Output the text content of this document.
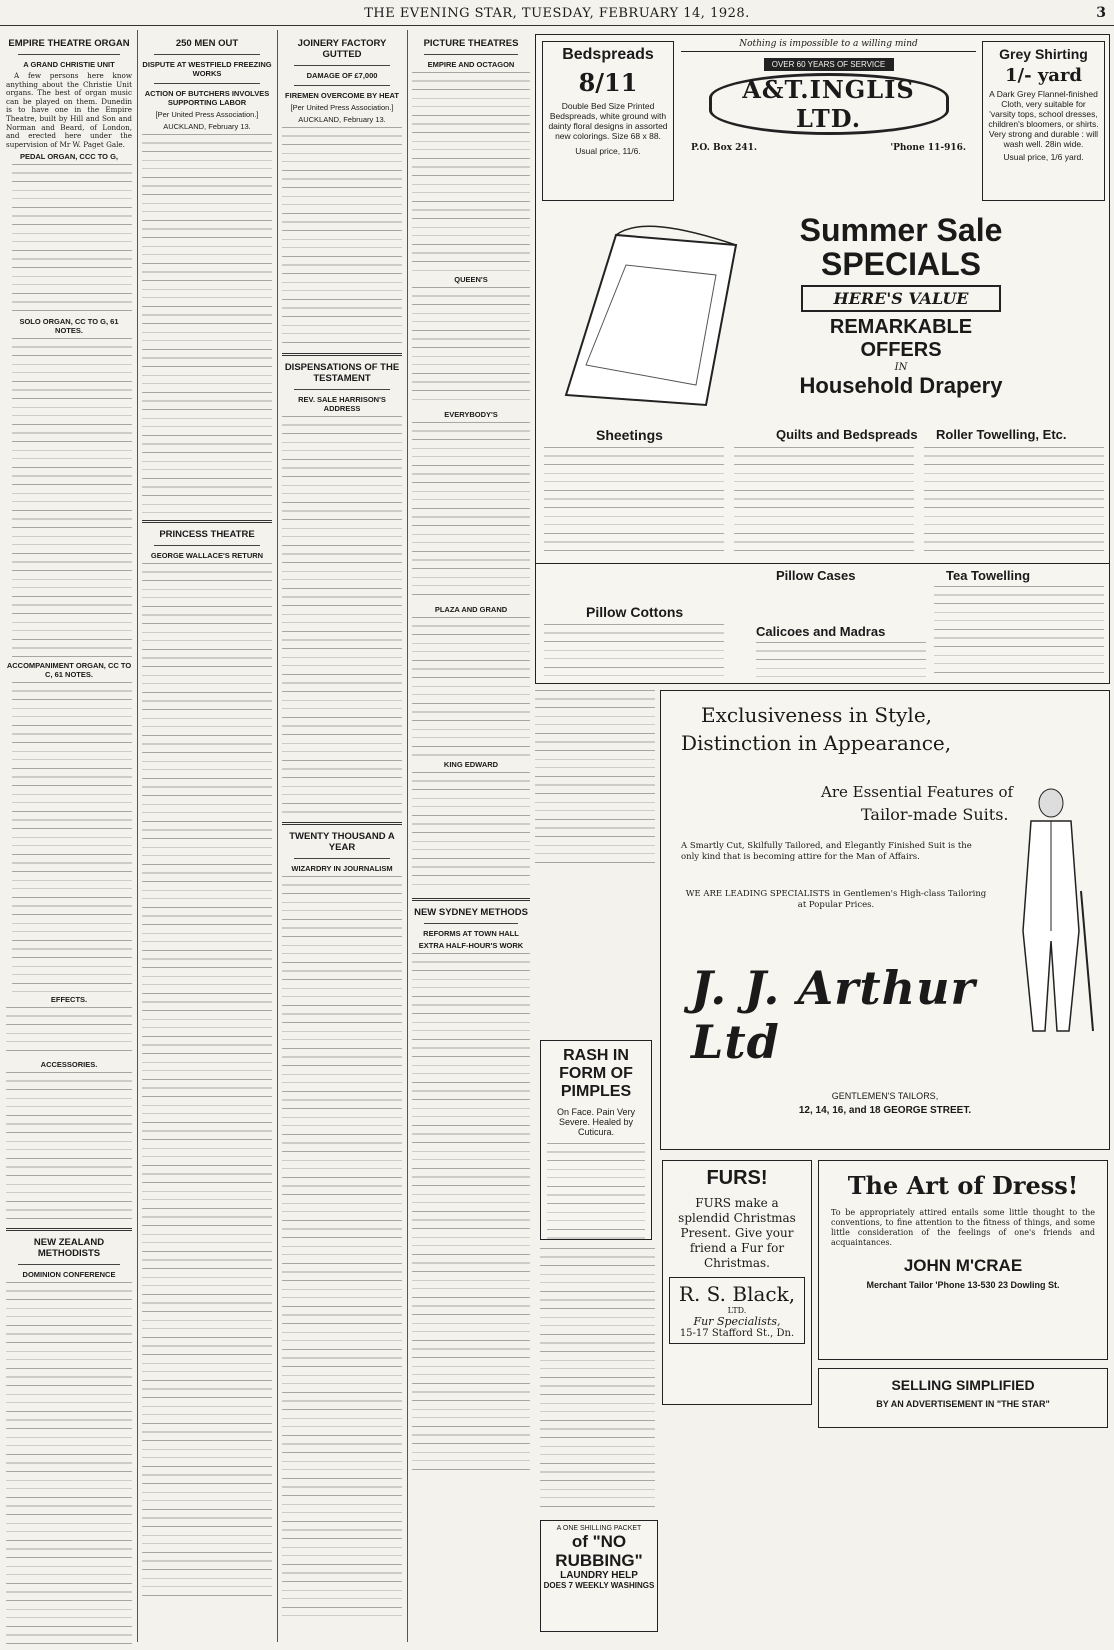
THE EVENING STAR, TUESDAY, FEBRUARY 14, 1928.	3
EMPIRE THEATRE ORGAN
A GRAND CHRISTIE UNIT

A few persons here know anything about the Christie Unit organs. The best of organ music can be played on them. Dunedin is to have one in the Empire Theatre, built by Hill and Son and Norman and Beard, of London, and erected here under the supervision of Mr W. Paget Gale.

PEDAL ORGAN, CCC TO G,
SOLO ORGAN, CC TO G, 61 NOTES.
ACCOMPANIMENT ORGAN, CC TO C, 61 NOTES.
EFFECTS.
ACCESSORIES.
NEW ZEALAND METHODISTS
DOMINION CONFERENCE
250 MEN OUT
DISPUTE AT WESTFIELD FREEZING WORKS
ACTION OF BUTCHERS INVOLVES SUPPORTING LABOR
[Per United Press Association.]
AUCKLAND, February 13.
PRINCESS THEATRE
GEORGE WALLACE'S RETURN
JOINERY FACTORY GUTTED
DAMAGE OF £7,000
FIREMEN OVERCOME BY HEAT
[Per United Press Association.]
AUCKLAND, February 13.
DISPENSATIONS OF THE TESTAMENT
REV. SALE HARRISON'S ADDRESS
TWENTY THOUSAND A YEAR
WIZARDRY IN JOURNALISM
PICTURE THEATRES
EMPIRE AND OCTAGON
QUEEN'S
EVERYBODY'S
PLAZA AND GRAND
KING EDWARD
NEW SYDNEY METHODS
REFORMS AT TOWN HALL
EXTRA HALF-HOUR'S WORK
Bedspreads
8/11
Double Bed Size Printed Bedspreads, white ground with dainty floral designs in assorted new colorings. Size 68 x 88.
Usual price, 11/6.
Nothing is impossible to a willing mind
OVER 60 YEARS OF SERVICE
A&T.INGLIS LTD.
P.O. Box 241.	'Phone 11-916.
Grey Shirting
1/- yard
A Dark Grey Flannel-finished Cloth, very suitable for 'varsity tops, school dresses, children's bloomers, or shirts. Very strong and durable : will wash well. 28in wide.
Usual price, 1/6 yard.
Summer Sale
SPECIALS
HERE'S VALUE
REMARKABLE
OFFERS
IN
Household Drapery
Sheetings	Quilts and Bedspreads Roller Towelling, Etc.
Pillow Cases	Tea Towelling
Pillow Cottons
Calicoes and Madras
Exclusiveness in Style,
Distinction in Appearance,
Are Essential Features of
Tailor-made Suits.
A Smartly Cut, Skilfully Tailored, and Elegantly Finished Suit is the only kind that is becoming attire for the Man of Affairs.
WE ARE LEADING SPECIALISTS in Gentlemen's High-class Tailoring at Popular Prices.
J. J. Arthur Ltd
GENTLEMEN'S TAILORS,
12, 14, 16, and 18 GEORGE STREET.
RASH IN FORM OF PIMPLES
On Face. Pain Very Severe. Healed by Cuticura.
A ONE SHILLING PACKET
of "NO RUBBING"
LAUNDRY HELP
DOES 7 WEEKLY WASHINGS
FURS!
FURS make a splendid Christmas Present. Give your friend a Fur for Christmas.
R. S. Black,
LTD.
Fur Specialists,
15-17 Stafford St., Dn.
The Art of Dress!
To be appropriately attired entails some little thought to the conventions, to fine attention to the fitness of things, and some little consideration of the feelings of one's friends and acquaintances.
JOHN M'CRAE
Merchant Tailor 'Phone 13-530 23 Dowling St.
SELLING SIMPLIFIED
BY AN ADVERTISEMENT IN "THE STAR"
